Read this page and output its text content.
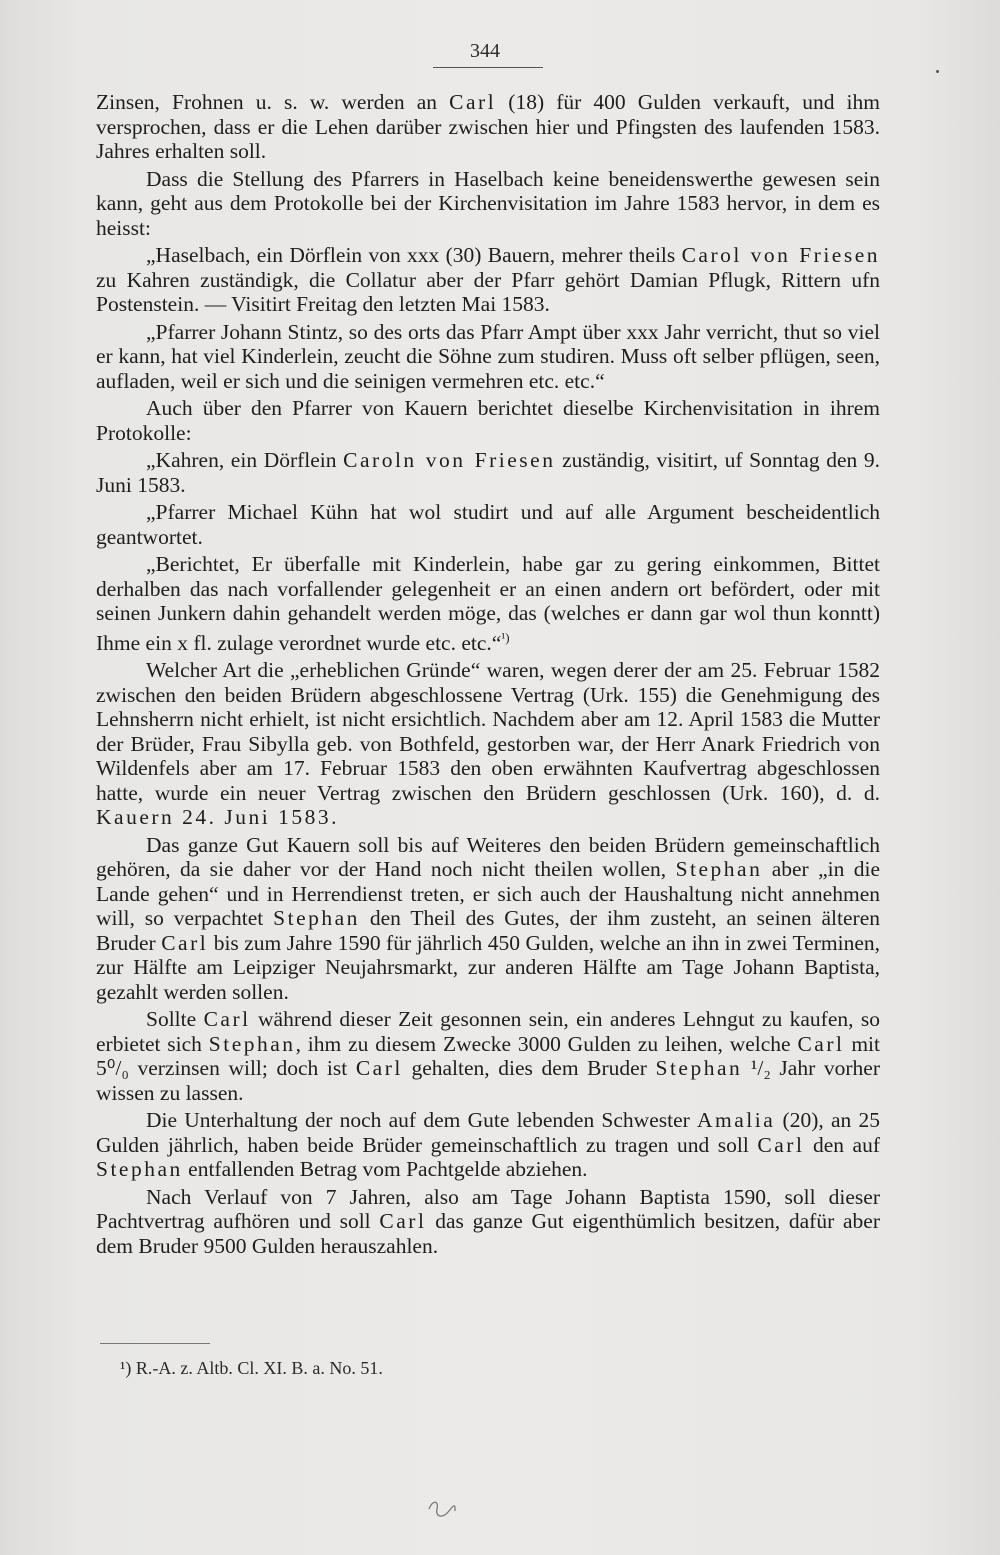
344

Zinsen, Frohnen u. s. w. werden an Carl (18) für 400 Gulden verkauft, und ihm versprochen, dass er die Lehen darüber zwischen hier und Pfingsten des laufenden 1583. Jahres erhalten soll.

Dass die Stellung des Pfarrers in Haselbach keine beneidenswerthe gewesen sein kann, geht aus dem Protokolle bei der Kirchenvisitation im Jahre 1583 hervor, in dem es heisst:

„Haselbach, ein Dörflein von xxx (30) Bauern, mehrer theils Carol von Friesen zu Kahren zuständigk, die Collatur aber der Pfarr gehört Damian Pflugk, Rittern ufn Postenstein. — Visitirt Freitag den letzten Mai 1583.

„Pfarrer Johann Stintz, so des orts das Pfarr Ampt über xxx Jahr verricht, thut so viel er kann, hat viel Kinderlein, zeucht die Söhne zum studiren. Muss oft selber pflügen, seen, aufladen, weil er sich und die seinigen vermehren etc. etc.“

Auch über den Pfarrer von Kauern berichtet dieselbe Kirchenvisitation in ihrem Protokolle:

„Kahren, ein Dörflein Caroln von Friesen zuständig, visitirt, uf Sonntag den 9. Juni 1583.

„Pfarrer Michael Kühn hat wol studirt und auf alle Argument bescheidentlich geantwortet.

„Berichtet, Er überfalle mit Kinderlein, habe gar zu gering einkommen, Bittet derhalben das nach vorfallender gelegenheit er an einen andern ort befördert, oder mit seinen Junkern dahin gehandelt werden möge, das (welches er dann gar wol thun konntt) Ihme ein x fl. zulage verordnet wurde etc. etc.“$^{^1)}$

Welcher Art die „erheblichen Gründe“ waren, wegen derer der am 25. Februar 1582 zwischen den beiden Brüdern abgeschlossene Vertrag (Urk. 155) die Genehmigung des Lehnsherrn nicht erhielt, ist nicht ersichtlich. Nachdem aber am 12. April 1583 die Mutter der Brüder, Frau Sibylla geb. von Bothfeld, gestorben war, der Herr Anark Friedrich von Wildenfels aber am 17. Februar 1583 den oben erwähnten Kaufvertrag abgeschlossen hatte, wurde ein neuer Vertrag zwischen den Brüdern geschlossen (Urk. 160), d. d. Kauern 24. Juni 1583.

Das ganze Gut Kauern soll bis auf Weiteres den beiden Brüdern gemeinschaftlich gehören, da sie daher vor der Hand noch nicht theilen wollen, Stephan aber „in die Lande gehen“ und in Herrendienst treten, er sich auch der Haushaltung nicht annehmen will, so verpachtet Stephan den Theil des Gutes, der ihm zusteht, an seinen älteren Bruder Carl bis zum Jahre 1590 für jährlich 450 Gulden, welche an ihn in zwei Terminen, zur Hälfte am Leipziger Neujahrsmarkt, zur anderen Hälfte am Tage Johann Baptista, gezahlt werden sollen.

Sollte Carl während dieser Zeit gesonnen sein, ein anderes Lehngut zu kaufen, so erbietet sich Stephan, ihm zu diesem Zwecke 3000 Gulden zu leihen, welche Carl mit 5⁰/₀ verzinsen will; doch ist Carl gehalten, dies dem Bruder Stephan ¹/₂ Jahr vorher wissen zu lassen.

Die Unterhaltung der noch auf dem Gute lebenden Schwester Amalia (20), an 25 Gulden jährlich, haben beide Brüder gemeinschaftlich zu tragen und soll Carl den auf Stephan entfallenden Betrag vom Pachtgelde abziehen.

Nach Verlauf von 7 Jahren, also am Tage Johann Baptista 1590, soll dieser Pachtvertrag aufhören und soll Carl das ganze Gut eigenthümlich besitzen, dafür aber dem Bruder 9500 Gulden herauszahlen.

¹) R.-A. z. Altb. Cl. XI. B. a. No. 51.
